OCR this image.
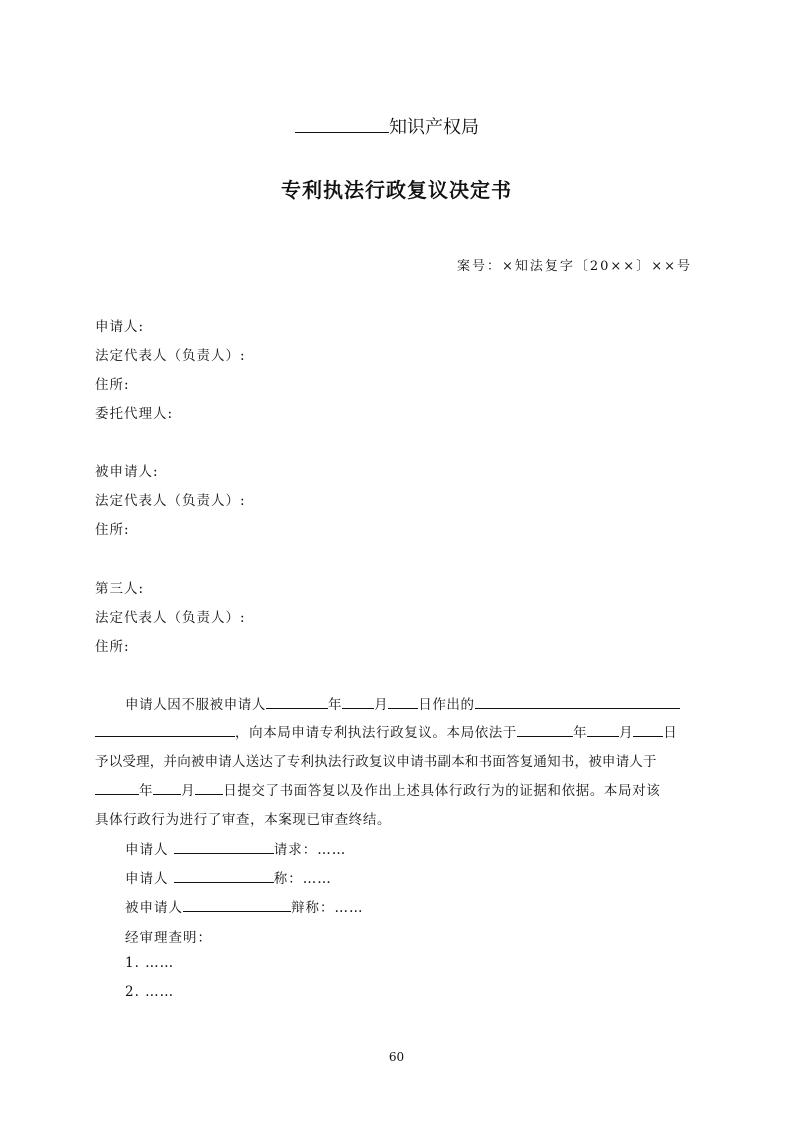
知识产权局
专利执法行政复议决定书
案号：×知法复字〔20××〕××号
申请人:
法定代表人（负责人）:
住所:
委托代理人:
被申请人:
法定代表人（负责人）:
住所:
第三人:
法定代表人（负责人）:
住所:
申请人因不服被申请人	年 月 日作出的
，向本局申请专利执法行政复议。本局依法于	年 月 日
予以受理，并向被申请人送达了专利执法行政复议申请书副本和书面答复通知书，被申请人于
年 月 日提交了书面答复以及作出上述具体行政行为的证据和依据。本局对该
具体行政行为进行了审查，本案现已审查终结。
申请人	请求：……
申请人	称：……
被申请人	辩称：……
经审理查明：
1. ……
2. ……
60
